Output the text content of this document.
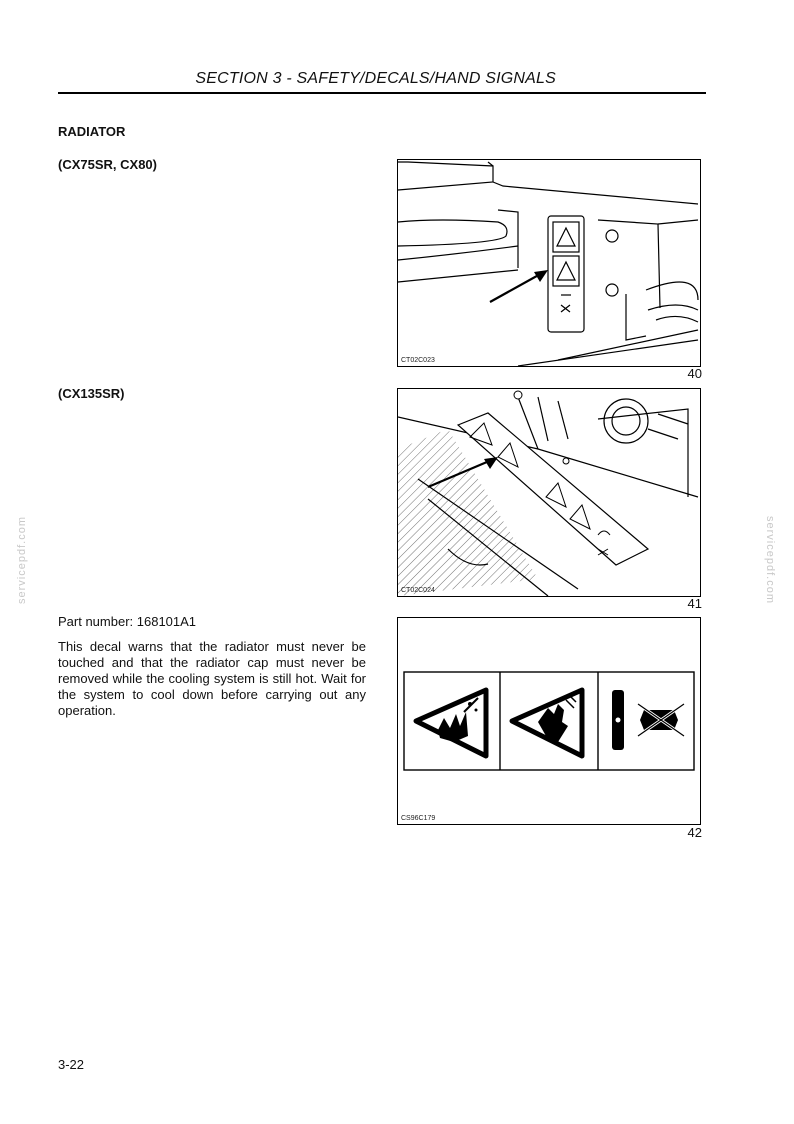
SECTION 3 - SAFETY/DECALS/HAND SIGNALS
RADIATOR
(CX75SR, CX80)
(CX135SR)
Part number: 168101A1
This decal warns that the radiator must never be touched and that the radiator cap must never be removed while the cooling system is still hot. Wait for the system to cool down before carrying out any operation.
CT02C023
40
CT02C024
41
CS96C179
42
servicepdf.com	servicepdf.com
3-22
